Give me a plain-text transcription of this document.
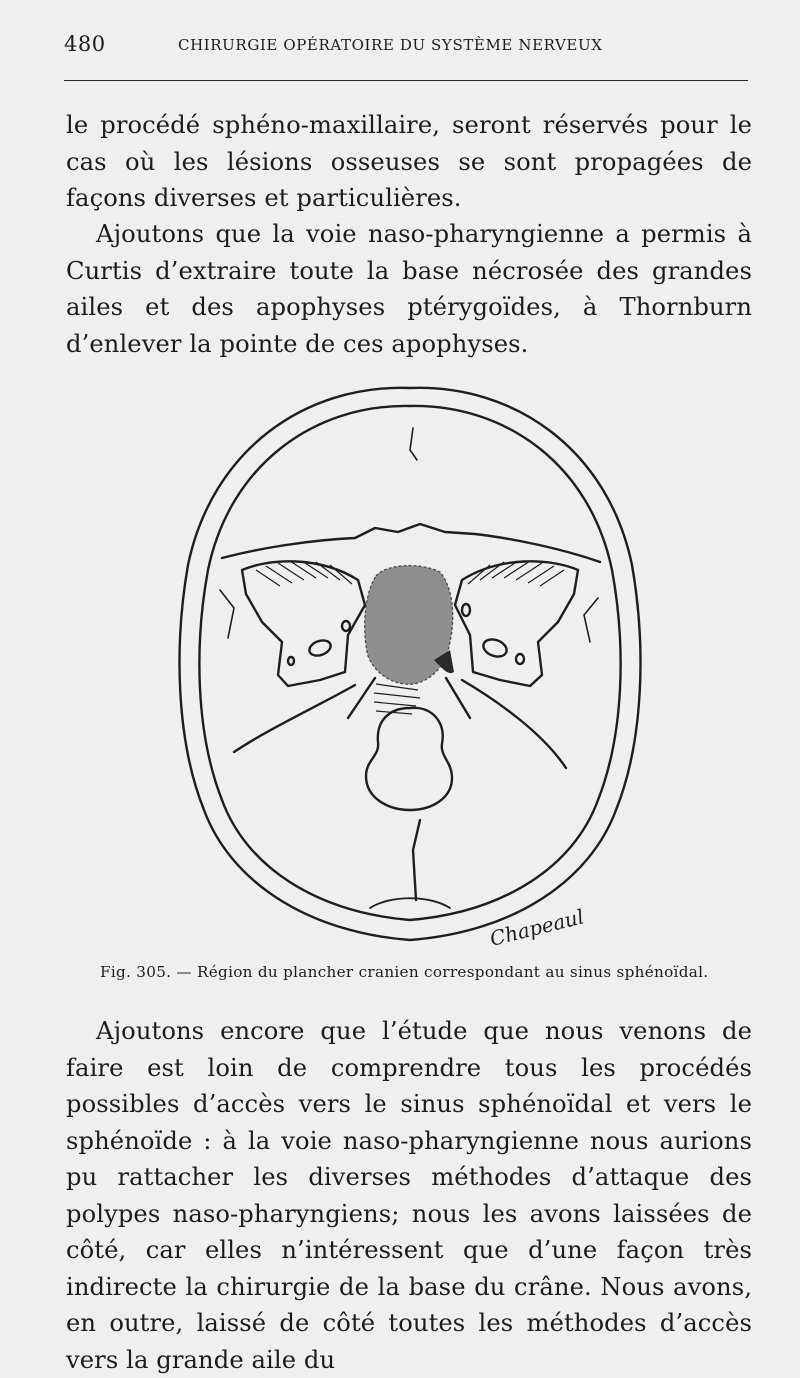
480	CHIRURGIE OPÉRATOIRE DU SYSTÈME NERVEUX

le procédé sphéno-maxillaire, seront réservés pour le cas où les lésions osseuses se sont propagées de façons diverses et particulières.

Ajoutons que la voie naso-pharyngienne a permis à Curtis d’extraire toute la base nécrosée des grandes ailes et des apophyses ptérygoïdes, à Thornburn d’enlever la pointe de ces apophyses.

Chapeaul
Fig. 305. — Région du plancher cranien correspondant au sinus sphénoïdal.

Ajoutons encore que l’étude que nous venons de faire est loin de comprendre tous les procédés possibles d’accès vers le sinus sphénoïdal et vers le sphénoïde : à la voie naso-pharyngienne nous aurions pu rattacher les diverses méthodes d’attaque des polypes naso-pharyngiens; nous les avons laissées de côté, car elles n’intéressent que d’une façon très indirecte la chirurgie de la base du crâne. Nous avons, en outre, laissé de côté toutes les méthodes d’accès vers la grande aile du
